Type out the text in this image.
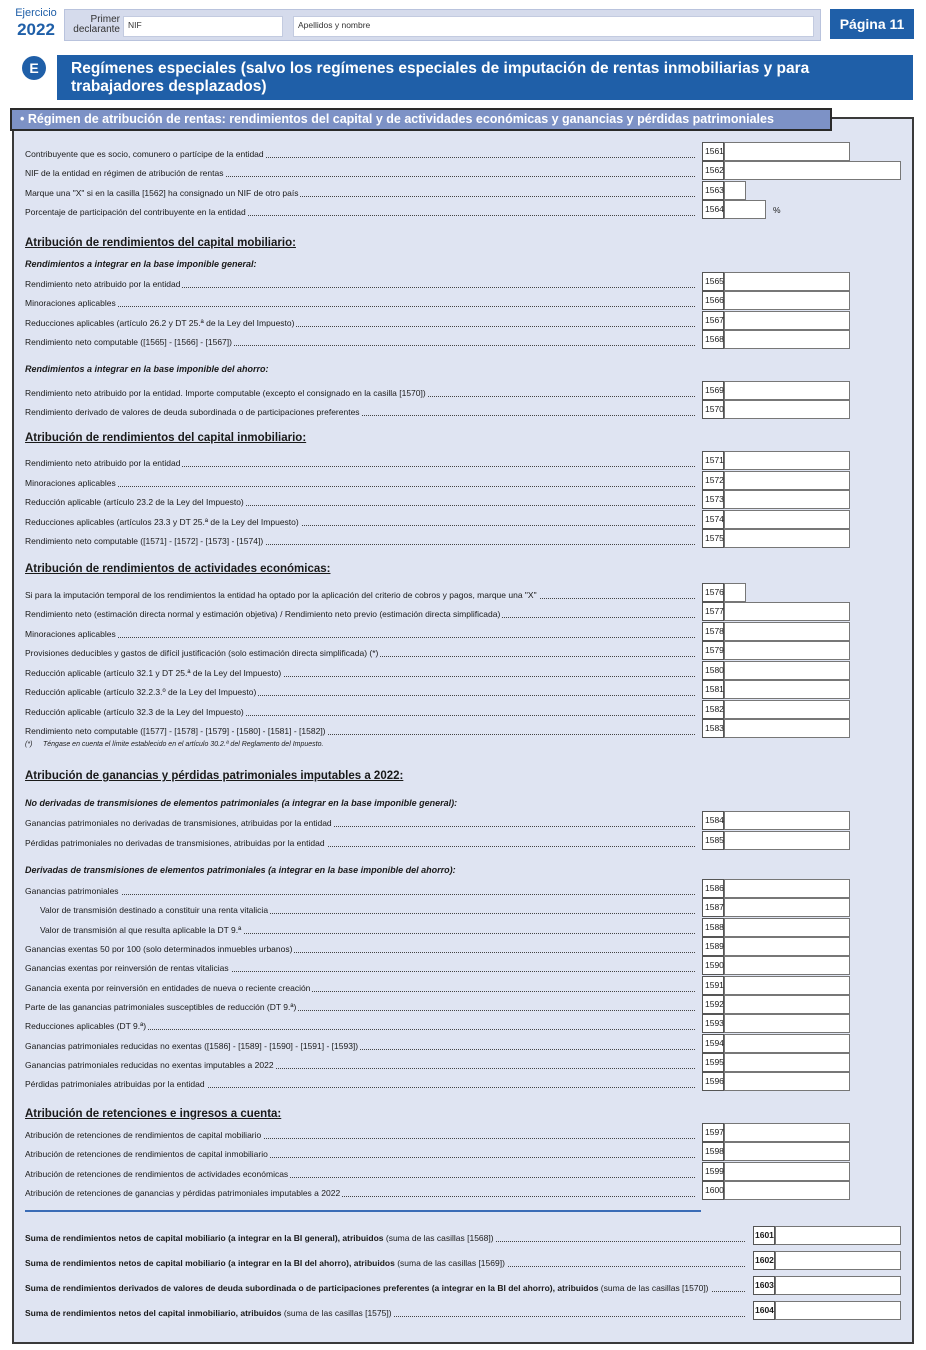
Ejercicio
2022
Primer declarante NIF	Apellidos y nombre	Página 11
E	Regímenes especiales (salvo los regímenes especiales de imputación de rentas inmobiliarias y para trabajadores desplazados)
• Régimen de atribución de rentas: rendimientos del capital y de actividades económicas y ganancias y pérdidas patrimoniales
Atribución de rendimientos del capital mobiliario:
Rendimientos a integrar en la base imponible general:
Rendimientos a integrar en la base imponible del ahorro:
Atribución de rendimientos del capital inmobiliario:
Atribución de rendimientos de actividades económicas:
Atribución de ganancias y pérdidas patrimoniales imputables a 2022:
No derivadas de transmisiones de elementos patrimoniales (a integrar en la base imponible general):
Derivadas de transmisiones de elementos patrimoniales (a integrar en la base imponible del ahorro):
Atribución de retenciones e ingresos a cuenta:
Contribuyente que es socio, comunero o partícipe de la entidad	1561
NIF de la entidad en régimen de atribución de rentas	1562
Marque una "X" si en la casilla [1562] ha consignado un NIF de otro país	1563
Porcentaje de participación del contribuyente en la entidad	1564	%
Rendimiento neto atribuido por la entidad	1565
Minoraciones aplicables	1566
Reducciones aplicables (artículo 26.2 y DT 25.ª de la Ley del Impuesto)	1567
Rendimiento neto computable ([1565] - [1566] - [1567])	1568
Rendimiento neto atribuido por la entidad. Importe computable (excepto el consignado en la casilla [1570])	1569
Rendimiento derivado de valores de deuda subordinada o de participaciones preferentes	1570
Rendimiento neto atribuido por la entidad	1571
Minoraciones aplicables	1572
Reducción aplicable (artículo 23.2 de la Ley del Impuesto)	1573
Reducciones aplicables (artículos 23.3 y DT 25.ª de la Ley del Impuesto)	1574
Rendimiento neto computable ([1571] - [1572] - [1573] - [1574])	1575
Si para la imputación temporal de los rendimientos la entidad ha optado por la aplicación del criterio de cobros y pagos, marque una "X"	1576
Rendimiento neto (estimación directa normal y estimación objetiva) / Rendimiento neto previo (estimación directa simplificada)	1577
Minoraciones aplicables	1578
Provisiones deducibles y gastos de difícil justificación (solo estimación directa simplificada) (*)	1579
Reducción aplicable (artículo 32.1 y DT 25.ª de la Ley del Impuesto)	1580
Reducción aplicable (artículo 32.2.3.º de la Ley del Impuesto)	1581
Reducción aplicable (artículo 32.3 de la Ley del Impuesto)	1582
Rendimiento neto computable ([1577] - [1578] - [1579] - [1580] - [1581] - [1582])	1583
(*) Téngase en cuenta el límite establecido en el artículo 30.2.ª del Reglamento del Impuesto.
Ganancias patrimoniales no derivadas de transmisiones, atribuidas por la entidad	1584
Pérdidas patrimoniales no derivadas de transmisiones, atribuidas por la entidad	1585
Ganancias patrimoniales	1586
Valor de transmisión destinado a constituir una renta vitalicia	1587
Valor de transmisión al que resulta aplicable la DT 9.ª	1588
Ganancias exentas 50 por 100 (solo determinados inmuebles urbanos)	1589
Ganancias exentas por reinversión de rentas vitalicias	1590
Ganancia exenta por reinversión en entidades de nueva o reciente creación	1591
Parte de las ganancias patrimoniales susceptibles de reducción (DT 9.ª)	1592
Reducciones aplicables (DT 9.ª)	1593
Ganancias patrimoniales reducidas no exentas ([1586] - [1589] - [1590] - [1591] - [1593])	1594
Ganancias patrimoniales reducidas no exentas imputables a 2022	1595
Pérdidas patrimoniales atribuidas por la entidad	1596
Atribución de retenciones de rendimientos de capital mobiliario	1597
Atribución de retenciones de rendimientos de capital inmobiliario	1598
Atribución de retenciones de rendimientos de actividades económicas	1599
Atribución de retenciones de ganancias y pérdidas patrimoniales imputables a 2022	1600
Suma de rendimientos netos de capital mobiliario (a integrar en la BI general), atribuidos (suma de las casillas [1568])	1601
Suma de rendimientos netos de capital mobiliario (a integrar en la BI del ahorro), atribuidos (suma de las casillas [1569])	1602
Suma de rendimientos derivados de valores de deuda subordinada o de participaciones preferentes (a integrar en la BI del ahorro), atribuidos (suma de las casillas [1570])	1603
Suma de rendimientos netos del capital inmobiliario, atribuidos (suma de las casillas [1575])	1604
